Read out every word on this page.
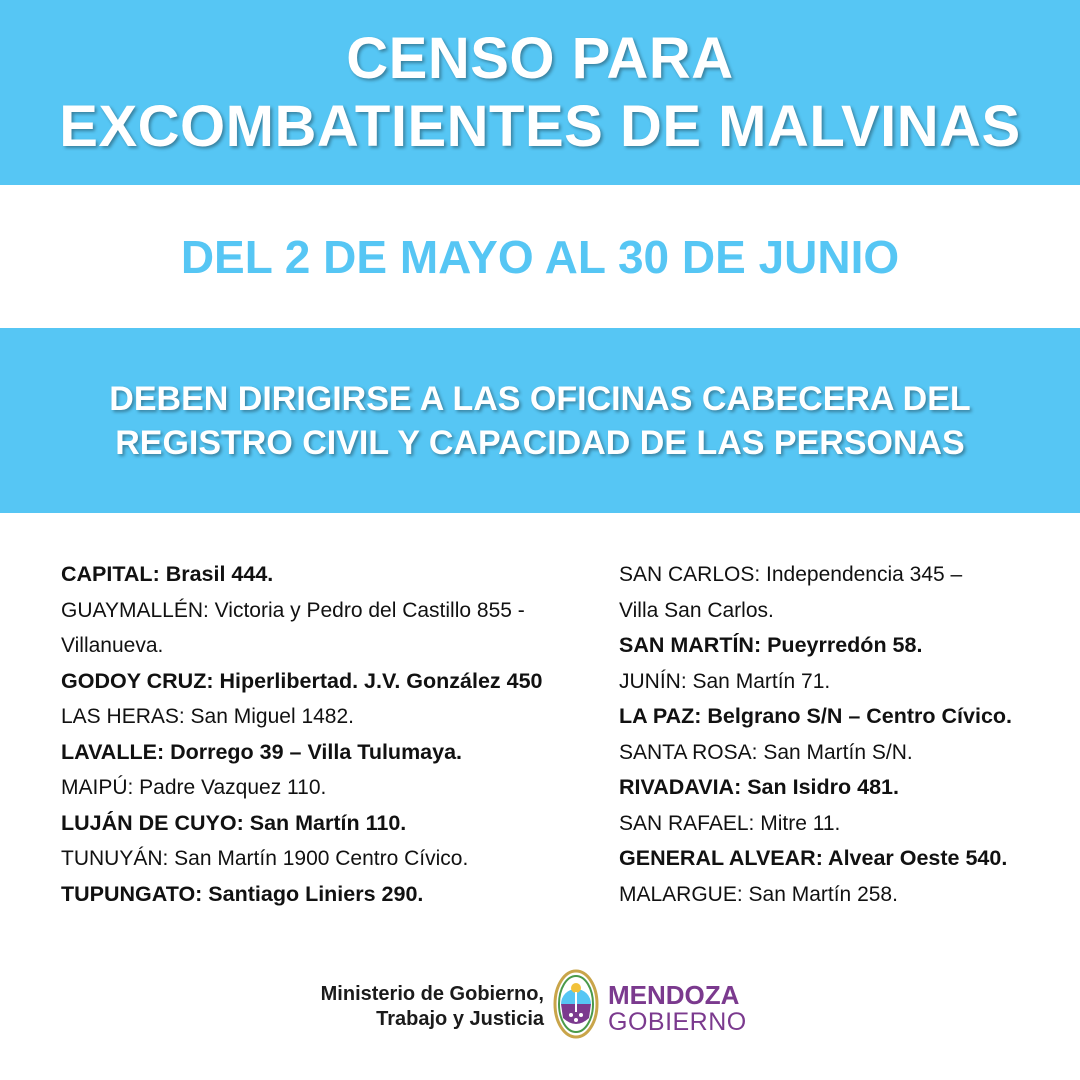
CENSO PARA
EXCOMBATIENTES DE MALVINAS
DEL 2 DE MAYO AL 30 DE JUNIO
DEBEN DIRIGIRSE A LAS OFICINAS CABECERA DEL
REGISTRO CIVIL Y CAPACIDAD DE LAS PERSONAS
CAPITAL: Brasil 444.
GUAYMALLÉN: Victoria y Pedro del Castillo 855 -
Villanueva.
GODOY CRUZ: Hiperlibertad. J.V. González 450
LAS HERAS: San Miguel 1482.
LAVALLE: Dorrego 39 – Villa Tulumaya.
MAIPÚ: Padre Vazquez 110.
LUJÁN DE CUYO: San Martín 110.
TUNUYÁN: San Martín 1900 Centro Cívico.
TUPUNGATO: Santiago Liniers 290.
SAN CARLOS: Independencia 345 –
Villa San Carlos.
SAN MARTÍN: Pueyrredón 58.
JUNÍN: San Martín 71.
LA PAZ: Belgrano S/N – Centro Cívico.
SANTA ROSA: San Martín S/N.
RIVADAVIA: San Isidro 481.
SAN RAFAEL: Mitre 11.
GENERAL ALVEAR: Alvear Oeste 540.
MALARGUE: San Martín 258.
Ministerio de Gobierno,
Trabajo y Justicia
MENDOZA
GOBIERNO
